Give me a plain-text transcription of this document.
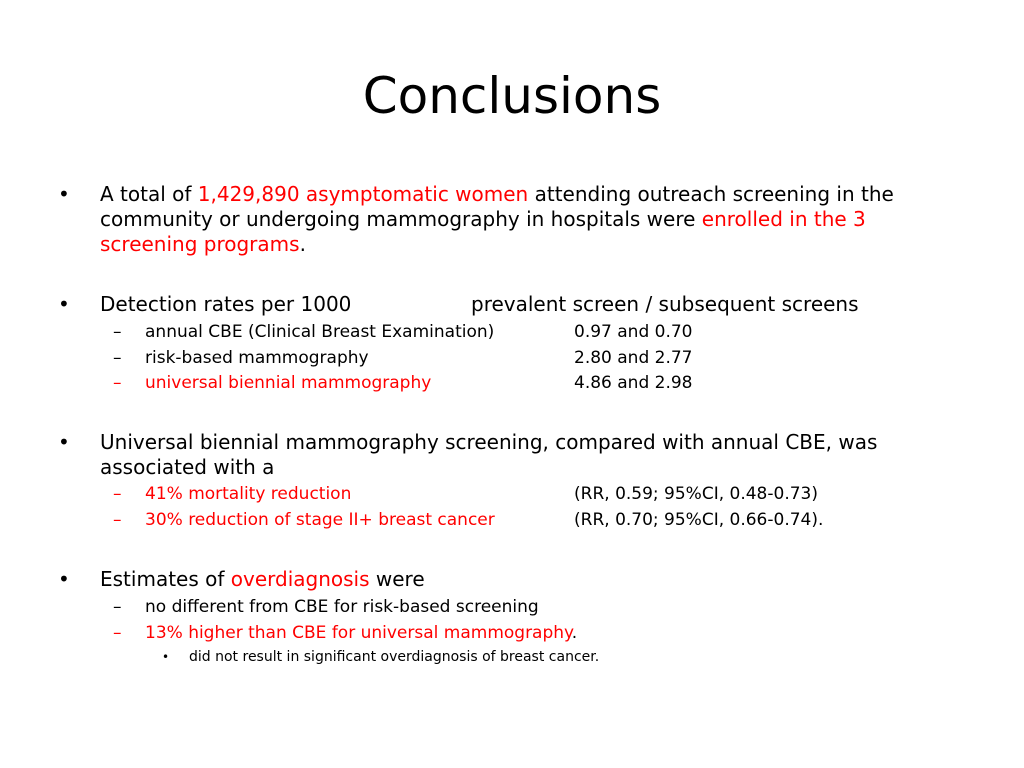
Conclusions
• A total of 1,429,890 asymptomatic women attending outreach screening in the community or undergoing mammography in hospitals were enrolled in the 3 screening programs.
• Detection rates per 1000	prevalent screen / subsequent screens
– annual CBE (Clinical Breast Examination)	0.97 and 0.70
– risk-based mammography	2.80 and 2.77
– universal biennial mammography	4.86 and 2.98
• Universal biennial mammography screening, compared with annual CBE, was associated with a
– 41% mortality reduction	(RR, 0.59; 95%CI, 0.48-0.73)
– 30% reduction of stage II+ breast cancer	(RR, 0.70; 95%CI, 0.66-0.74).
• Estimates of overdiagnosis were
– no different from CBE for risk-based screening
– 13% higher than CBE for universal mammography.
• did not result in significant overdiagnosis of breast cancer.
